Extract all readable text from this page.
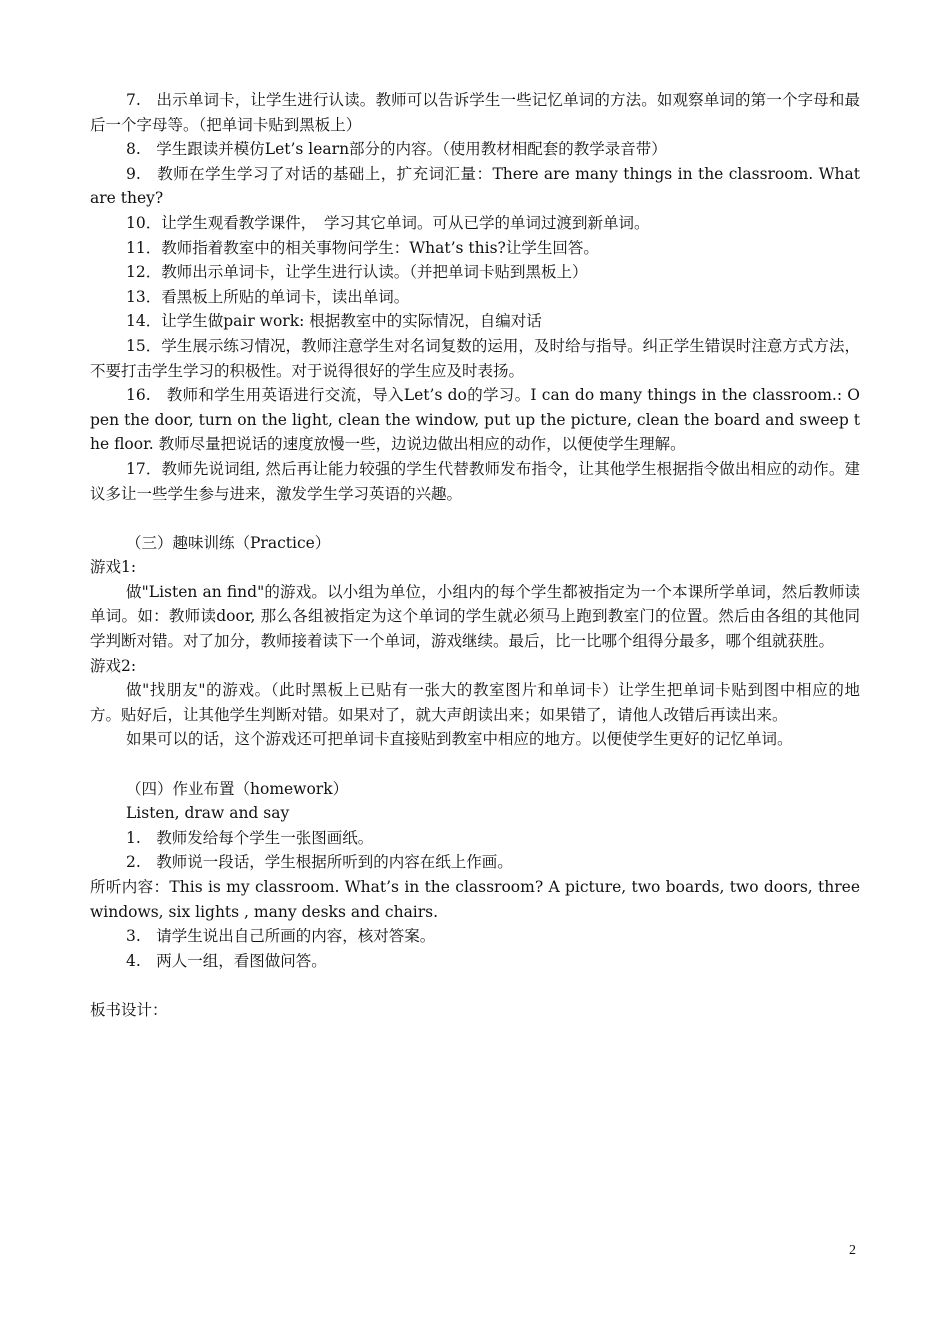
7.　出示单词卡，让学生进行认读。教师可以告诉学生一些记忆单词的方法。如观察单词的第一个字母和最后一个字母等。（把单词卡贴到黑板上）

8.　学生跟读并模仿Let’s learn部分的内容。（使用教材相配套的教学录音带）

9.　教师在学生学习了对话的基础上，扩充词汇量：There are many things in the classroom. What are they?

10．让学生观看教学课件，　学习其它单词。可从已学的单词过渡到新单词。

11．教师指着教室中的相关事物问学生：What’s this?让学生回答。

12．教师出示单词卡，让学生进行认读。（并把单词卡贴到黑板上）

13．看黑板上所贴的单词卡，读出单词。

14．让学生做pair work: 根据教室中的实际情况，自编对话

15．学生展示练习情况，教师注意学生对名词复数的运用，及时给与指导。纠正学生错误时注意方式方法，不要打击学生学习的积极性。对于说得很好的学生应及时表扬。

16.　教师和学生用英语进行交流，导入Let’s do的学习。I can do many things in the classroom.: Open the door, turn on the light, clean the window, put up the picture, clean the board and sweep the floor. 教师尽量把说话的速度放慢一些，边说边做出相应的动作，以便使学生理解。

17．教师先说词组, 然后再让能力较强的学生代替教师发布指令，让其他学生根据指令做出相应的动作。建议多让一些学生参与进来，激发学生学习英语的兴趣。

（三）趣味训练（Practice）

游戏1:

做"Listen an find"的游戏。以小组为单位，小组内的每个学生都被指定为一个本课所学单词，然后教师读单词。如：教师读door, 那么各组被指定为这个单词的学生就必须马上跑到教室门的位置。然后由各组的其他同学判断对错。对了加分，教师接着读下一个单词，游戏继续。最后，比一比哪个组得分最多，哪个组就获胜。

游戏2:

做"找朋友"的游戏。（此时黑板上已贴有一张大的教室图片和单词卡）让学生把单词卡贴到图中相应的地方。贴好后，让其他学生判断对错。如果对了，就大声朗读出来；如果错了，请他人改错后再读出来。

如果可以的话，这个游戏还可把单词卡直接贴到教室中相应的地方。以便使学生更好的记忆单词。

（四）作业布置（homework）

Listen, draw and say

1.　教师发给每个学生一张图画纸。

2.　教师说一段话，学生根据所听到的内容在纸上作画。

所听内容：This is my classroom. What’s in the classroom? A picture, two boards, two doors, three windows, six lights , many desks and chairs.

3.　请学生说出自己所画的内容，核对答案。

4.　两人一组，看图做问答。

板书设计：

2
